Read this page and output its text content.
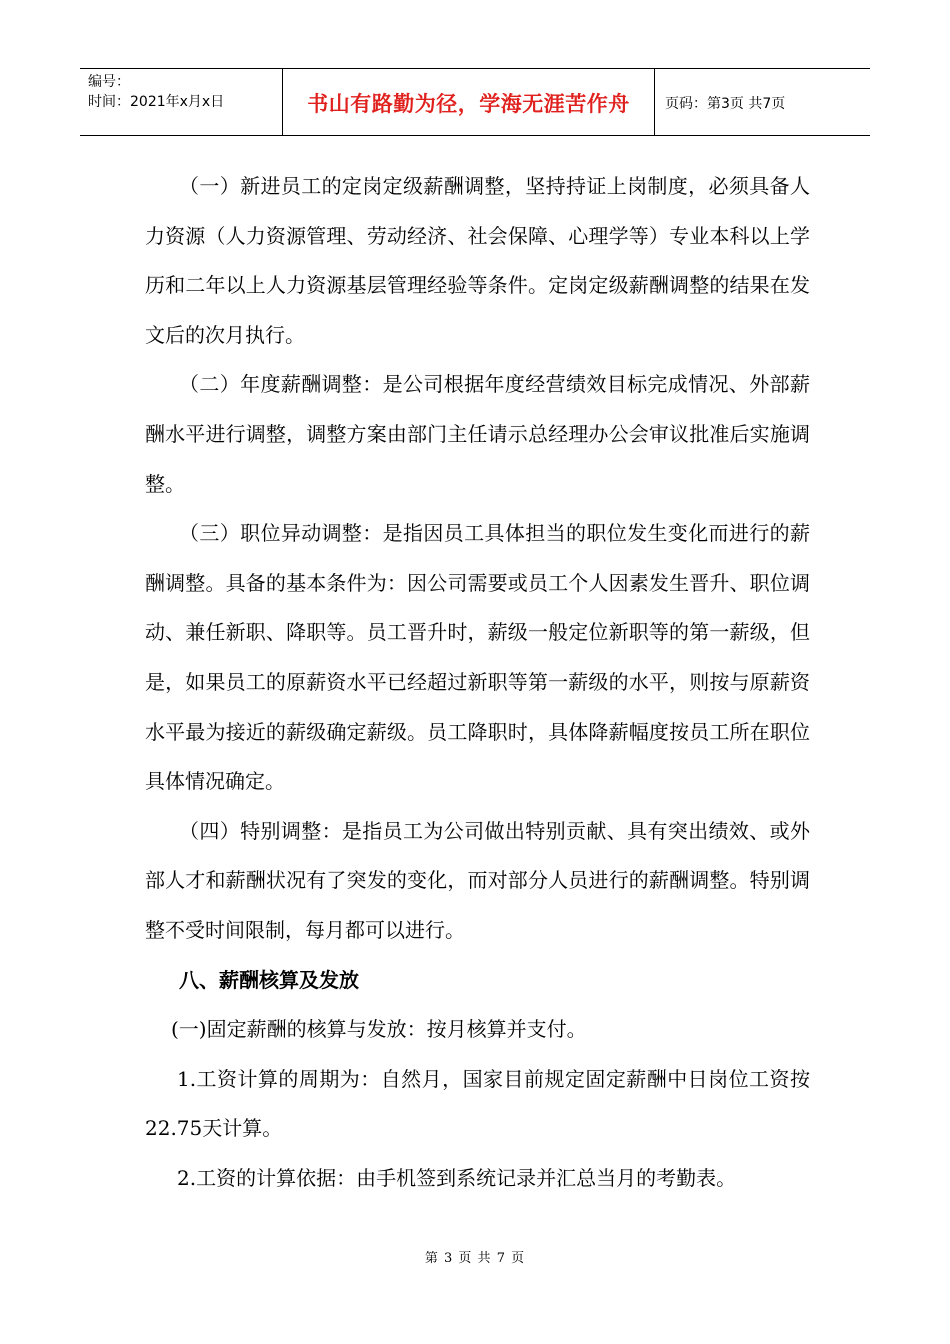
编号：
时间：2021年x月x日	书山有路勤为径，学海无涯苦作舟	页码：第3页 共7页

（一）新进员工的定岗定级薪酬调整，坚持持证上岗制度，必须具备人力资源（人力资源管理、劳动经济、社会保障、心理学等）专业本科以上学历和二年以上人力资源基层管理经验等条件。定岗定级薪酬调整的结果在发文后的次月执行。

（二）年度薪酬调整：是公司根据年度经营绩效目标完成情况、外部薪酬水平进行调整，调整方案由部门主任请示总经理办公会审议批准后实施调整。

（三）职位异动调整：是指因员工具体担当的职位发生变化而进行的薪酬调整。具备的基本条件为：因公司需要或员工个人因素发生晋升、职位调动、兼任新职、降职等。员工晋升时，薪级一般定位新职等的第一薪级，但是，如果员工的原薪资水平已经超过新职等第一薪级的水平，则按与原薪资水平最为接近的薪级确定薪级。员工降职时，具体降薪幅度按员工所在职位具体情况确定。

（四）特别调整：是指员工为公司做出特别贡献、具有突出绩效、或外部人才和薪酬状况有了突发的变化，而对部分人员进行的薪酬调整。特别调整不受时间限制，每月都可以进行。

八、薪酬核算及发放

(一)固定薪酬的核算与发放：按月核算并支付。

1.工资计算的周期为：自然月，国家目前规定固定薪酬中日岗位工资按22.75天计算。

2.工资的计算依据：由手机签到系统记录并汇总当月的考勤表。

第 3 页 共 7 页
